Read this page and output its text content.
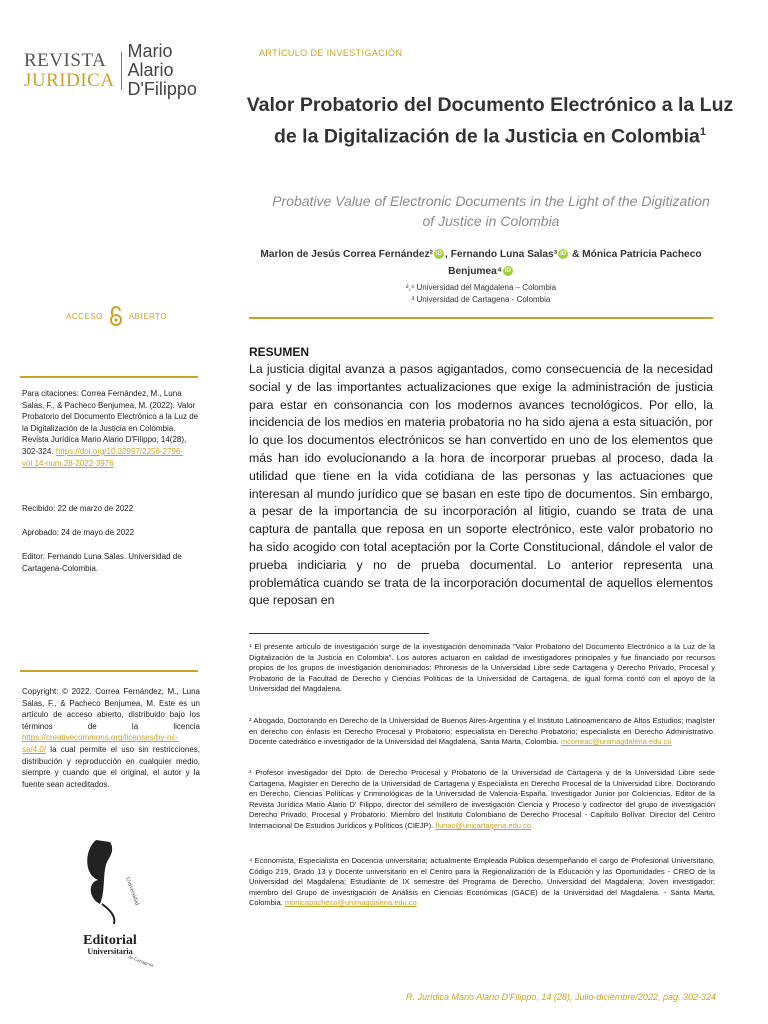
REVISTA
JURIDICA
Mario Alario
D'Filippo
ACCESO	ABIERTO
Para citaciones: Correa Fernández, M., Luna Salas, F., & Pacheco Benjumea, M. (2022). Valor Probatorio del Documento Electrónico a la Luz de la Digitalización de la Justicia en Colombia. Revista Jurídica Mario Alario D'Filippo, 14(28), 302-324. https://doi.org/10.32997/2256-2796-vol.14-num.28-2022-3976
Recibido: 22 de marzo de 2022
Aprobado: 24 de mayo de 2022
Editor: Fernando Luna Salas. Universidad de Cartagena-Colombia.
Copyright: © 2022. Correa Fernández, M., Luna Salas, F., & Pacheco Benjumea, M. Este es un artículo de acceso abierto, distribuido bajo los términos de la licencia https://creativecommons.org/licenses/by-nc-sa/4.0/ la cual permite el uso sin restricciones, distribución y reproducción en cualquier medio, siempre y cuando que el original, el autor y la fuente sean acreditados.
Editorial
Universitaria
Universidad
de Cartagena
ARTÍCULO DE INVESTIGACIÓN
Valor Probatorio del Documento Electrónico a la Luz de la Digitalización de la Justicia en Colombia$^1$
Probative Value of Electronic Documents in the Light of the Digitization of Justice in Colombia
Marlon de Jesús Correa Fernández² iD , Fernando Luna Salas³ iD & Mónica Patricia Pacheco Benjumea⁴ iD
²,⁴ Universidad del Magdalena – Colombia
³ Universidad de Cartagena - Colombia
RESUMEN
La justicia digital avanza a pasos agigantados, como consecuencia de la necesidad social y de las importantes actualizaciones que exige la administración de justicia para estar en consonancia con los modernos avances tecnológicos. Por ello, la incidencia de los medios en materia probatoria no ha sido ajena a esta situación, por lo que los documentos electrónicos se han convertido en uno de los elementos que más han ido evolucionando a la hora de incorporar pruebas al proceso, dada la utilidad que tiene en la vida cotidiana de las personas y las actuaciones que interesan al mundo jurídico que se basan en este tipo de documentos. Sin embargo, a pesar de la importancia de su incorporación al litigio, cuando se trata de una captura de pantalla que reposa en un soporte electrónico, este valor probatorio no ha sido acogido con total aceptación por la Corte Constitucional, dándole el valor de prueba indiciaria y no de prueba documental. Lo anterior representa una problemática cuando se trata de la incorporación documental de aquellos elementos que reposan en
¹ El presente artículo de investigación surge de la investigación denominada "Valor Probatorio del Documento Electrónico a la Luz de la Digitalización de la Justicia en Colombia". Los autores actuaron en calidad de investigadores principales y fue financiado por recursos propios de los grupos de investigación denominados: Phronesis de la Universidad Libre sede Cartagena y Derecho Privado, Procesal y Probatorio de la Facultad de Derecho y Ciencias Políticas de la Universidad de Cartagena, de igual forma contó con el apoyo de la Universidad del Magdalena.
² Abogado, Doctorando en Derecho de la Universidad de Buenos Aires-Argentina y el Instituto Latinoamericano de Altos Estudios; magíster en derecho con énfasis en Derecho Procesal y Probatorio; especialista en Derecho Probatorio; especialista en Derecho Administrativo. Docente catedrático e investigador de la Universidad del Magdalena, Santa Marta, Colombia. mcorreac@unimagdalena.edu.co
³ Profesor investigador del Dpto. de Derecho Procesal y Probatorio de la Universidad de Cartagena y de la Universidad Libre sede Cartagena, Magíster en Derecho de la Universidad de Cartagena y Especialista en Derecho Procesal de la Universidad Libre. Doctorando en Derecho, Ciencias Políticas y Criminológicas de la Universidad de Valencia-España. Investigador Junior por Colciencias. Editor de la Revista Jurídica Mario Alario D' Filippo, director del semillero de investigación Ciencia y Proceso y codirector del grupo de investigación Derecho Privado, Procesal y Probatorio. Miembro del Instituto Colombiano de Derecho Procesal - Capítulo Bolívar. Director del Centro Internacional De Estudios Jurídicos y Políticos (CIEJP). flunas@unicartagena.edu.co
⁴ Economista, Especialista en Docencia universitaria; actualmente Empleada Pública desempeñando el cargo de Profesional Universitario, Código 219, Grado 13 y Docente universitario en el Centro para la Regionalización de la Educación y las Oportunidades - CREO de la Universidad del Magdalena; Estudiante de IX semestre del Programa de Derecho, Universidad del Magdalena; Joven investigador; miembro del Grupo de investigación de Análisis en Ciencias Económicas (GACE) de la Universidad del Magdalena. - Santa Marta, Colombia. monicapacheco@unimagdalena.edu.co
R. Jurídica Mario Alario D'Filippo, 14 (28), Julio-diciembre/2022, pág. 302-324
